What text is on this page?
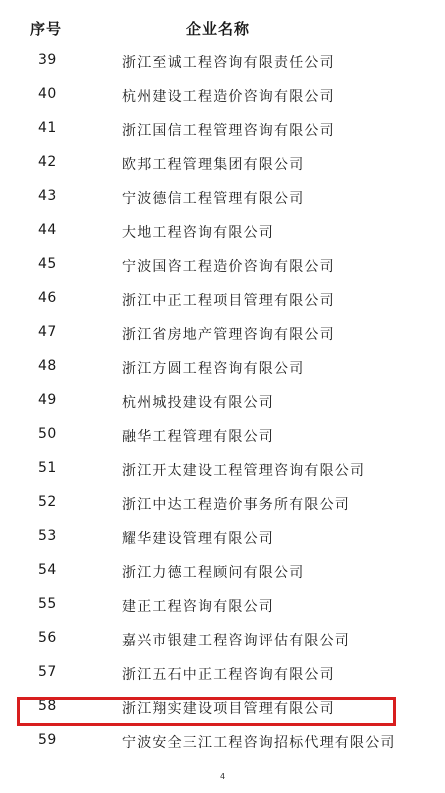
序号	企业名称
39	浙江至诚工程咨询有限责任公司
40	杭州建设工程造价咨询有限公司
41	浙江国信工程管理咨询有限公司
42	欧邦工程管理集团有限公司
43	宁波德信工程管理有限公司
44	大地工程咨询有限公司
45	宁波国咨工程造价咨询有限公司
46	浙江中正工程项目管理有限公司
47	浙江省房地产管理咨询有限公司
48	浙江方圆工程咨询有限公司
49	杭州城投建设有限公司
50	融华工程管理有限公司
51	浙江开太建设工程管理咨询有限公司
52	浙江中达工程造价事务所有限公司
53	耀华建设管理有限公司
54	浙江力德工程顾问有限公司
55	建正工程咨询有限公司
56	嘉兴市银建工程咨询评估有限公司
57	浙江五石中正工程咨询有限公司
58	浙江翔实建设项目管理有限公司
59	宁波安全三江工程咨询招标代理有限公司
4
